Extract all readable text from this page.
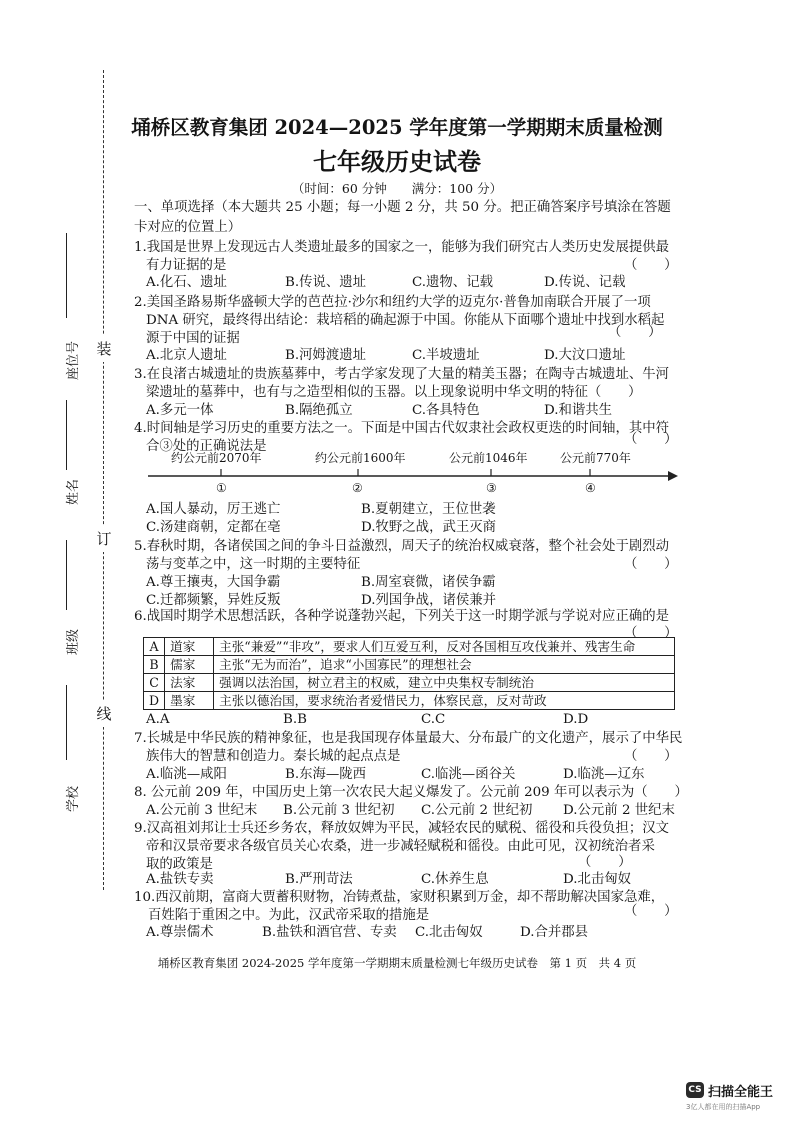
装
订
线
座位号
姓名
班级
学校
埇桥区教育集团 2024—2025 学年度第一学期期末质量检测
七年级历史试卷
（时间：60 分钟　　满分：100 分）
一、单项选择（本大题共 25 小题；每一小题 2 分，共 50 分。把正确答案序号填涂在答题
卡对应的位置上）
1.我国是世界上发现远古人类遗址最多的国家之一，能够为我们研究古人类历史发展提供最
有力证据的是	（　　）
A.化石、遗址	B.传说、遗址	C.遗物、记载	D.传说、记载
2.美国圣路易斯华盛顿大学的芭芭拉·沙尔和纽约大学的迈克尔·普鲁加南联合开展了一项
DNA 研究，最终得出结论：栽培稻的确起源于中国。你能从下面哪个遗址中找到水稻起
源于中国的证据	（　　）
A.北京人遗址	B.河姆渡遗址	C.半坡遗址	D.大汶口遗址
3.在良渚古城遗址的贵族墓葬中，考古学家发现了大量的精美玉器；在陶寺古城遗址、牛河
梁遗址的墓葬中，也有与之造型相似的玉器。以上现象说明中华文明的特征（　　）
A.多元一体	B.隔绝孤立	C.各具特色	D.和谐共生
4.时间轴是学习历史的重要方法之一。下面是中国古代奴隶社会政权更迭的时间轴，其中符
合③处的正确说法是	（　　）
约公元前2070年	约公元前1600年	公元前1046年	公元前770年
①	②	③	④
A.国人暴动，厉王逃亡	B.夏朝建立，王位世袭
C.汤建商朝，定都在亳	D.牧野之战，武王灭商
5.春秋时期，各诸侯国之间的争斗日益激烈，周天子的统治权威衰落，整个社会处于剧烈动
荡与变革之中，这一时期的主要特征	（　　）
A.尊王攘夷，大国争霸	B.周室衰微，诸侯争霸
C.迁都频繁，异姓反叛	D.列国争战，诸侯兼并
6.战国时期学术思想活跃，各种学说蓬勃兴起，下列关于这一时期学派与学说对应正确的是
（　　）
A	道家	主张“兼爱”“非攻”，要求人们互爱互利，反对各国相互攻伐兼并、残害生命
B	儒家	主张“无为而治”，追求“小国寡民”的理想社会
C	法家	强调以法治国，树立君主的权威，建立中央集权专制统治
D	墨家	主张以德治国，要求统治者爱惜民力，体察民意，反对苛政
A.A	B.B	C.C	D.D
7.长城是中华民族的精神象征，也是我国现存体量最大、分布最广的文化遗产，展示了中华民
族伟大的智慧和创造力。秦长城的起点点是	（　　）
A.临洮—咸阳	B.东海—陇西	C.临洮—函谷关	D.临洮—辽东
8. 公元前 209 年，中国历史上第一次农民大起义爆发了。公元前 209 年可以表示为（　　）
A.公元前 3 世纪末 B.公元前 3 世纪初 C.公元前 2 世纪初 D.公元前 2 世纪末
9.汉高祖刘邦让士兵还乡务农，释放奴婢为平民，减轻农民的赋税、徭役和兵役负担；汉文
帝和汉景帝要求各级官员关心农桑，进一步减轻赋税和徭役。由此可见，汉初统治者采
取的政策是	（　　）
A.盐铁专卖	B.严刑苛法	C.休养生息	D.北击匈奴
10.西汉前期，富商大贾蓄积财物，冶铸煮盐，家财积累到万金，却不帮助解决国家急难，
百姓陷于重困之中。为此，汉武帝采取的措施是	（　　）
A.尊崇儒术	B.盐铁和酒官营、专卖 C.北击匈奴	D.合并郡县
埇桥区教育集团 2024-2025 学年度第一学期期末质量检测七年级历史试卷　第 1 页　共 4 页
CS 扫描全能王
3亿人都在用的扫描App
